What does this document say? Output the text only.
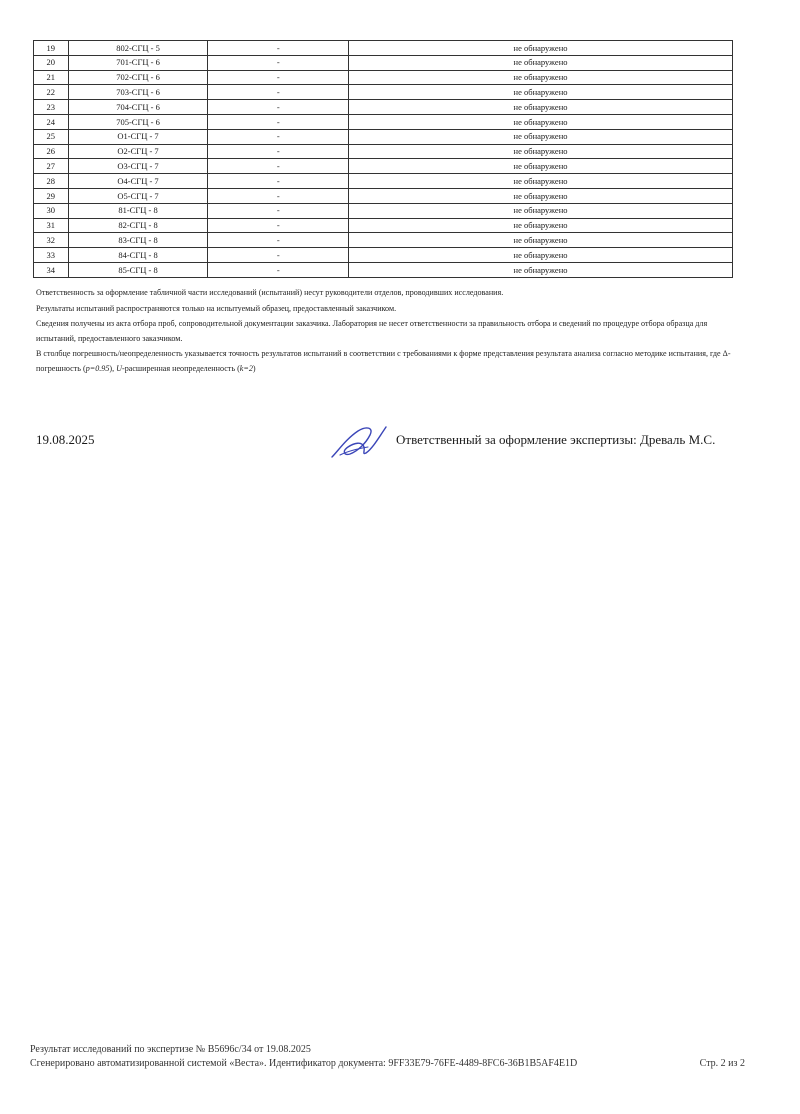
19	802-СГЦ - 5	-	не обнаружено
20	701-СГЦ - 6	-	не обнаружено
21	702-СГЦ - 6	-	не обнаружено
22	703-СГЦ - 6	-	не обнаружено
23	704-СГЦ - 6	-	не обнаружено
24	705-СГЦ - 6	-	не обнаружено
25	О1-СГЦ - 7	-	не обнаружено
26	О2-СГЦ - 7	-	не обнаружено
27	О3-СГЦ - 7	-	не обнаружено
28	О4-СГЦ - 7	-	не обнаружено
29	О5-СГЦ - 7	-	не обнаружено
30	81-СГЦ - 8	-	не обнаружено
31	82-СГЦ - 8	-	не обнаружено
32	83-СГЦ - 8	-	не обнаружено
33	84-СГЦ - 8	-	не обнаружено
34	85-СГЦ - 8	-	не обнаружено

Ответственность за оформление табличной части исследований (испытаний) несут руководители отделов, проводивших исследования.

Результаты испытаний распространяются только на испытуемый образец, предоставленный заказчиком.

Сведения получены из акта отбора проб, сопроводительной документации заказчика. Лаборатория не несет ответственности за правильность отбора и сведений по процедуре отбора образца для испытаний, предоставленного заказчиком.

В столбце погрешность/неопределенность указывается точность результатов испытаний в соответствии с требованиями к форме представления результата анализа согласно методике испытания, где Δ-погрешность (p=0.95), U-расширенная неопределенность (k=2)

19.08.2025	Ответственный за оформление экспертизы: Древаль М.С.
Результат исследований по экспертизе № В5696с/34 от 19.08.2025
Сгенерировано автоматизированной системой «Веста». Идентификатор документа: 9FF33E79-76FE-4489-8FC6-36B1B5AF4E1D	Стр. 2 из 2
